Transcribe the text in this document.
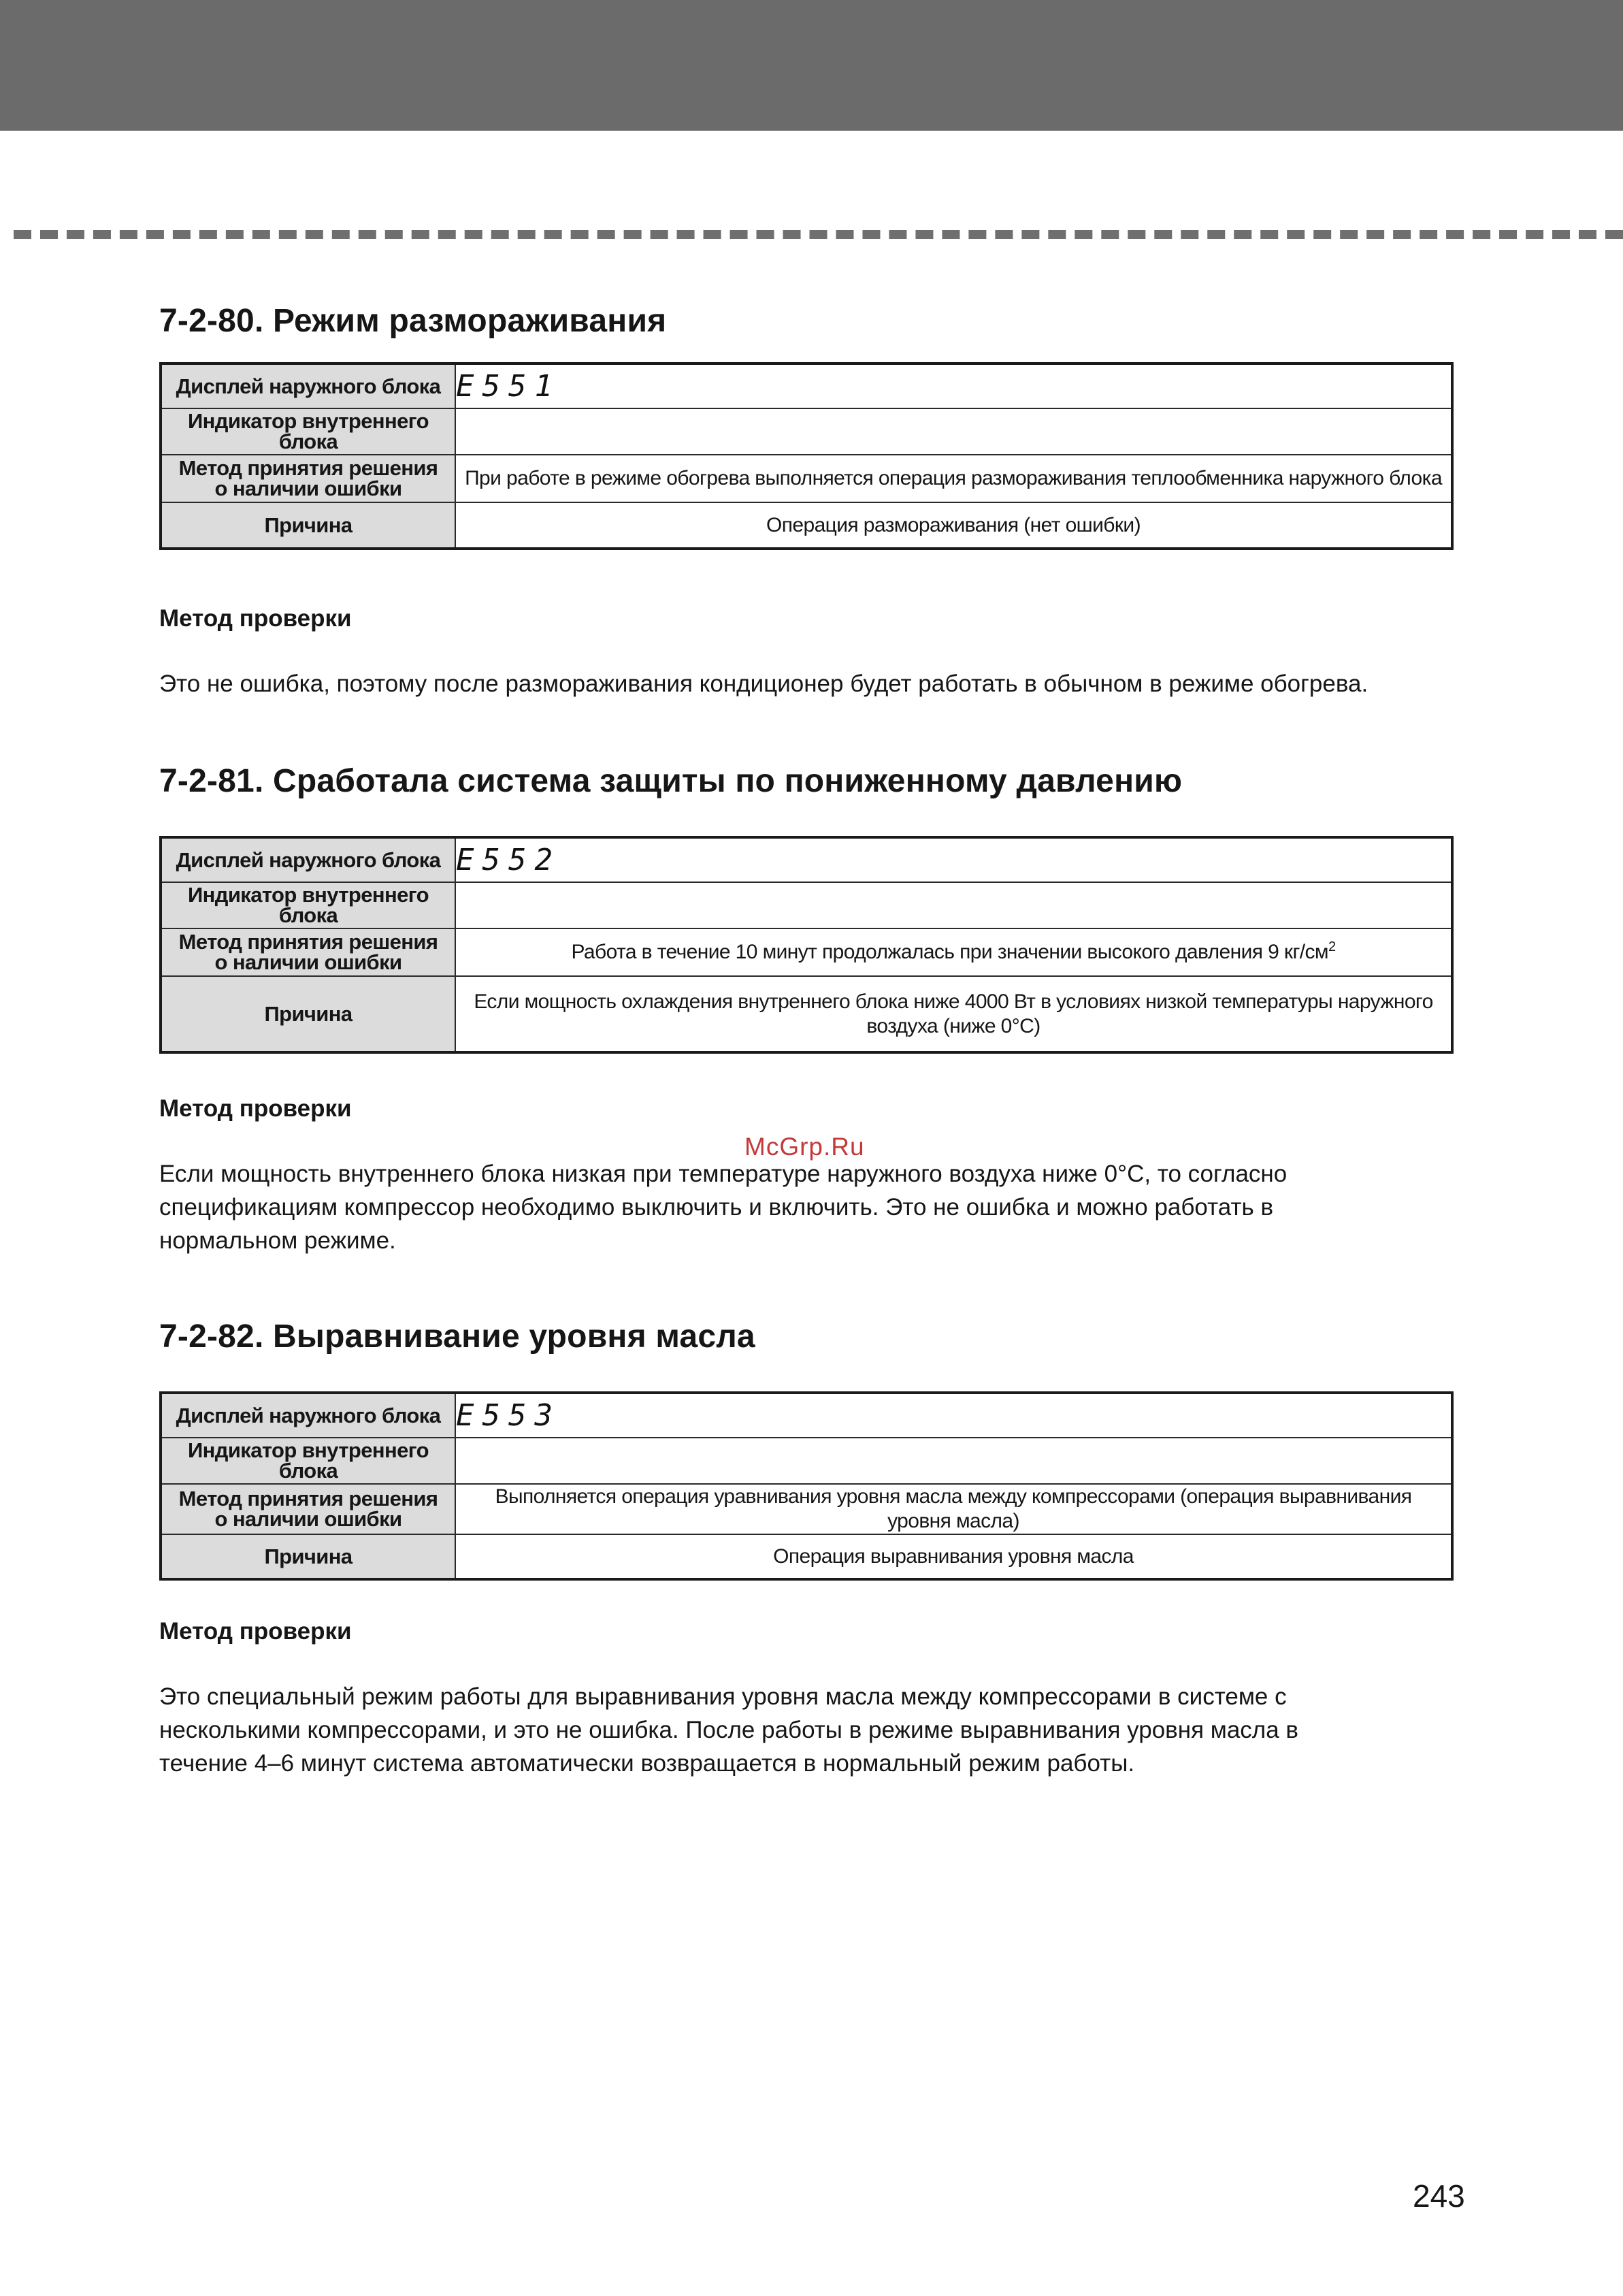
7-2-80. Режим размораживания
Дисплей наружного блока	E551
Индикатор внутреннего блока	
Метод принятия решения
о наличии ошибки	При работе в режиме обогрева выполняется операция размораживания теплообменника наружного блока
Причина	Операция размораживания (нет ошибки)

Метод проверки

Это не ошибка, поэтому после размораживания кондиционер будет работать в обычном в режиме обогрева.

7-2-81. Сработала система защиты по пониженному давлению
Дисплей наружного блока	E552
Индикатор внутреннего блока	
Метод принятия решения
о наличии ошибки	Работа в течение 10 минут продолжалась при значении высокого давления 9 $кг/см^2$
Причина	Если мощность охлаждения внутреннего блока ниже 4000 Вт в условиях низкой температуры наружного
воздуха (ниже 0°С)

Метод проверки

Если мощность внутреннего блока низкая при температуре наружного воздуха ниже 0°С, то согласно
спецификациям компрессор необходимо выключить и включить. Это не ошибка и можно работать в
нормальном режиме.

7-2-82. Выравнивание уровня масла
Дисплей наружного блока	E553
Индикатор внутреннего блока	
Метод принятия решения
о наличии ошибки	Выполняется операция уравнивания уровня масла между компрессорами (операция выравнивания уровня масла)
Причина	Операция выравнивания уровня масла

Метод проверки

Это специальный режим работы для выравнивания уровня масла между компрессорами в системе с
несколькими компрессорами, и это не ошибка. После работы в режиме выравнивания уровня масла в
течение 4–6 минут система автоматически возвращается в нормальный режим работы.

McGrp.Ru
243
